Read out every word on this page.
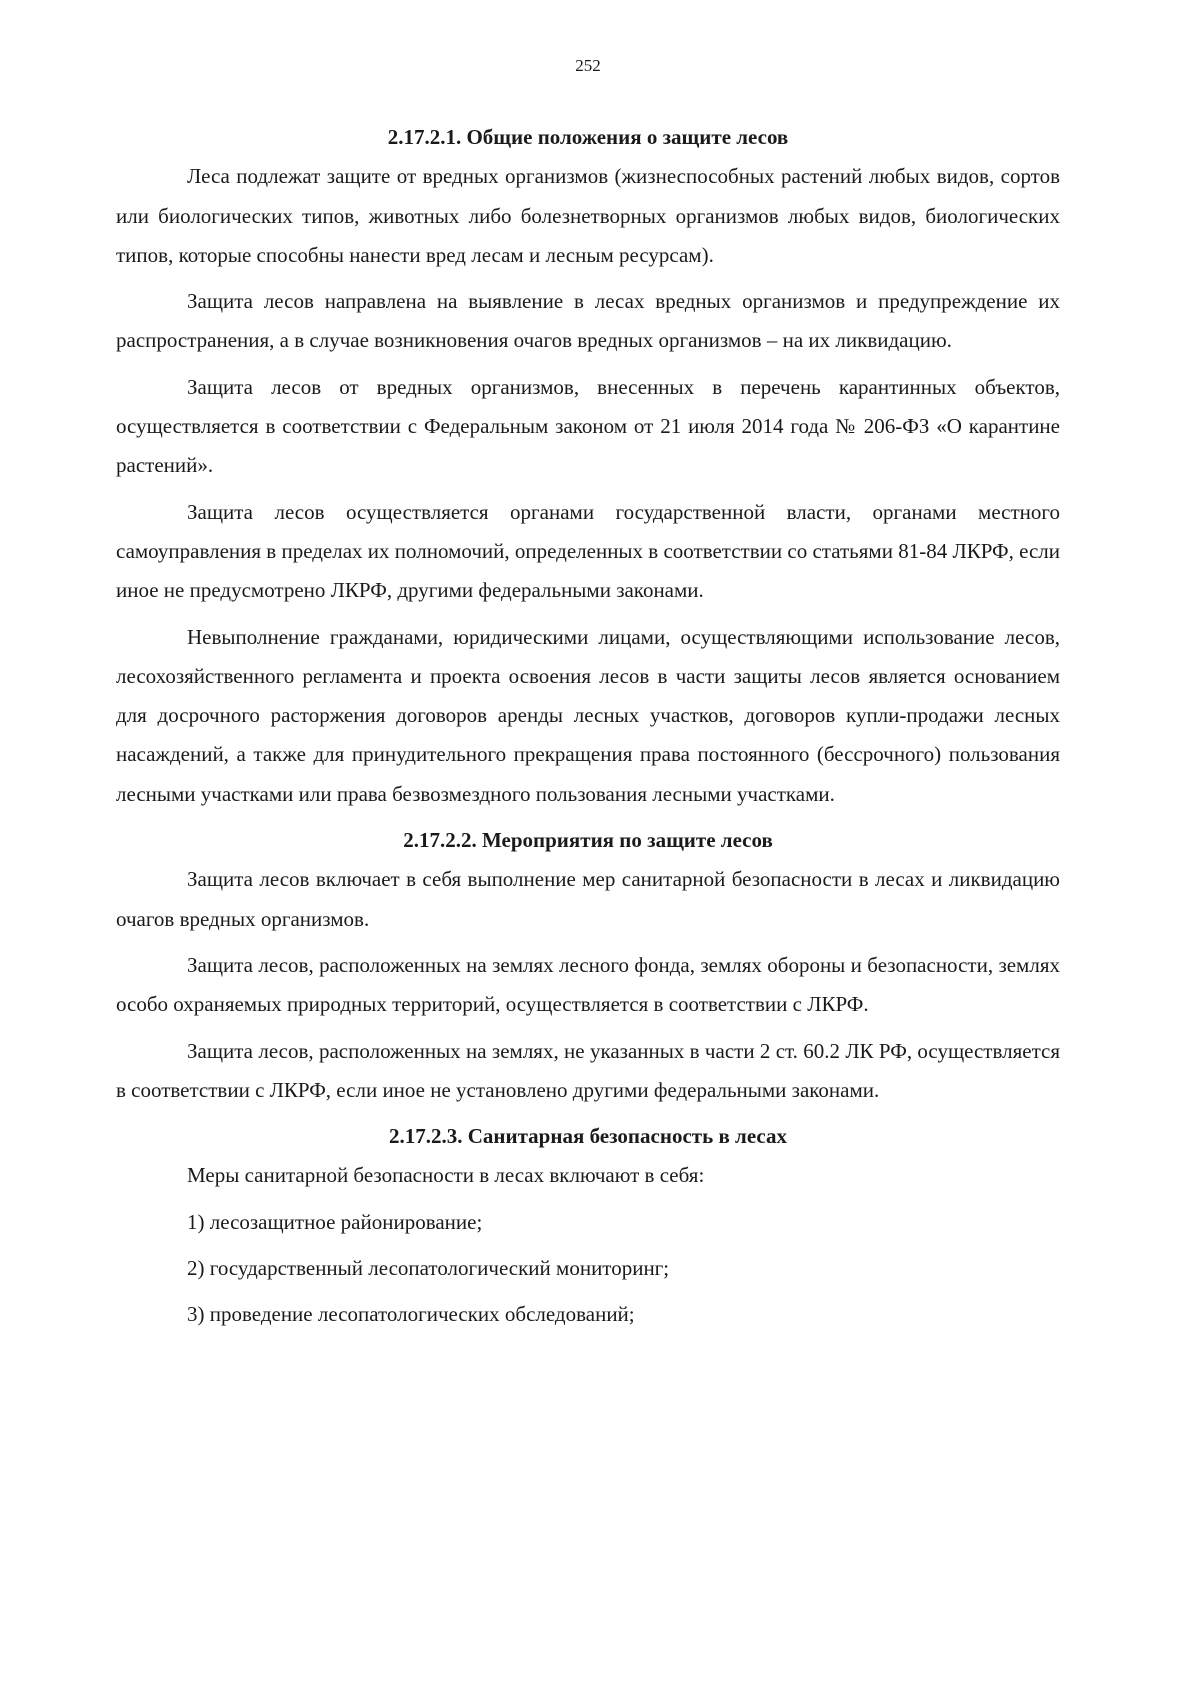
252

2.17.2.1. Общие положения о защите лесов

Леса подлежат защите от вредных организмов (жизнеспособных растений любых видов, сортов или биологических типов, животных либо болезнетворных организмов любых видов, биологических типов, которые способны нанести вред лесам и лесным ресурсам).

Защита лесов направлена на выявление в лесах вредных организмов и предупреждение их распространения, а в случае возникновения очагов вредных организмов – на их ликвидацию.

Защита лесов от вредных организмов, внесенных в перечень карантинных объектов, осуществляется в соответствии с Федеральным законом от 21 июля 2014 года № 206-ФЗ «О карантине растений».

Защита лесов осуществляется органами государственной власти, органами местного самоуправления в пределах их полномочий, определенных в соответствии со статьями 81-84 ЛКРФ, если иное не предусмотрено ЛКРФ, другими федеральными законами.

Невыполнение гражданами, юридическими лицами, осуществляющими использование лесов, лесохозяйственного регламента и проекта освоения лесов в части защиты лесов является основанием для досрочного расторжения договоров аренды лесных участков, договоров купли-продажи лесных насаждений, а также для принудительного прекращения права постоянного (бессрочного) пользования лесными участками или права безвозмездного пользования лесными участками.

2.17.2.2. Мероприятия по защите лесов

Защита лесов включает в себя выполнение мер санитарной безопасности в лесах и ликвидацию очагов вредных организмов.

Защита лесов, расположенных на землях лесного фонда, землях обороны и безопасности, землях особо охраняемых природных территорий, осуществляется в соответствии с ЛКРФ.

Защита лесов, расположенных на землях, не указанных в части 2 ст. 60.2 ЛК РФ, осуществляется в соответствии с ЛКРФ, если иное не установлено другими федеральными законами.

2.17.2.3. Санитарная безопасность в лесах

Меры санитарной безопасности в лесах включают в себя:

1) лесозащитное районирование;

2) государственный лесопатологический мониторинг;

3) проведение лесопатологических обследований;
